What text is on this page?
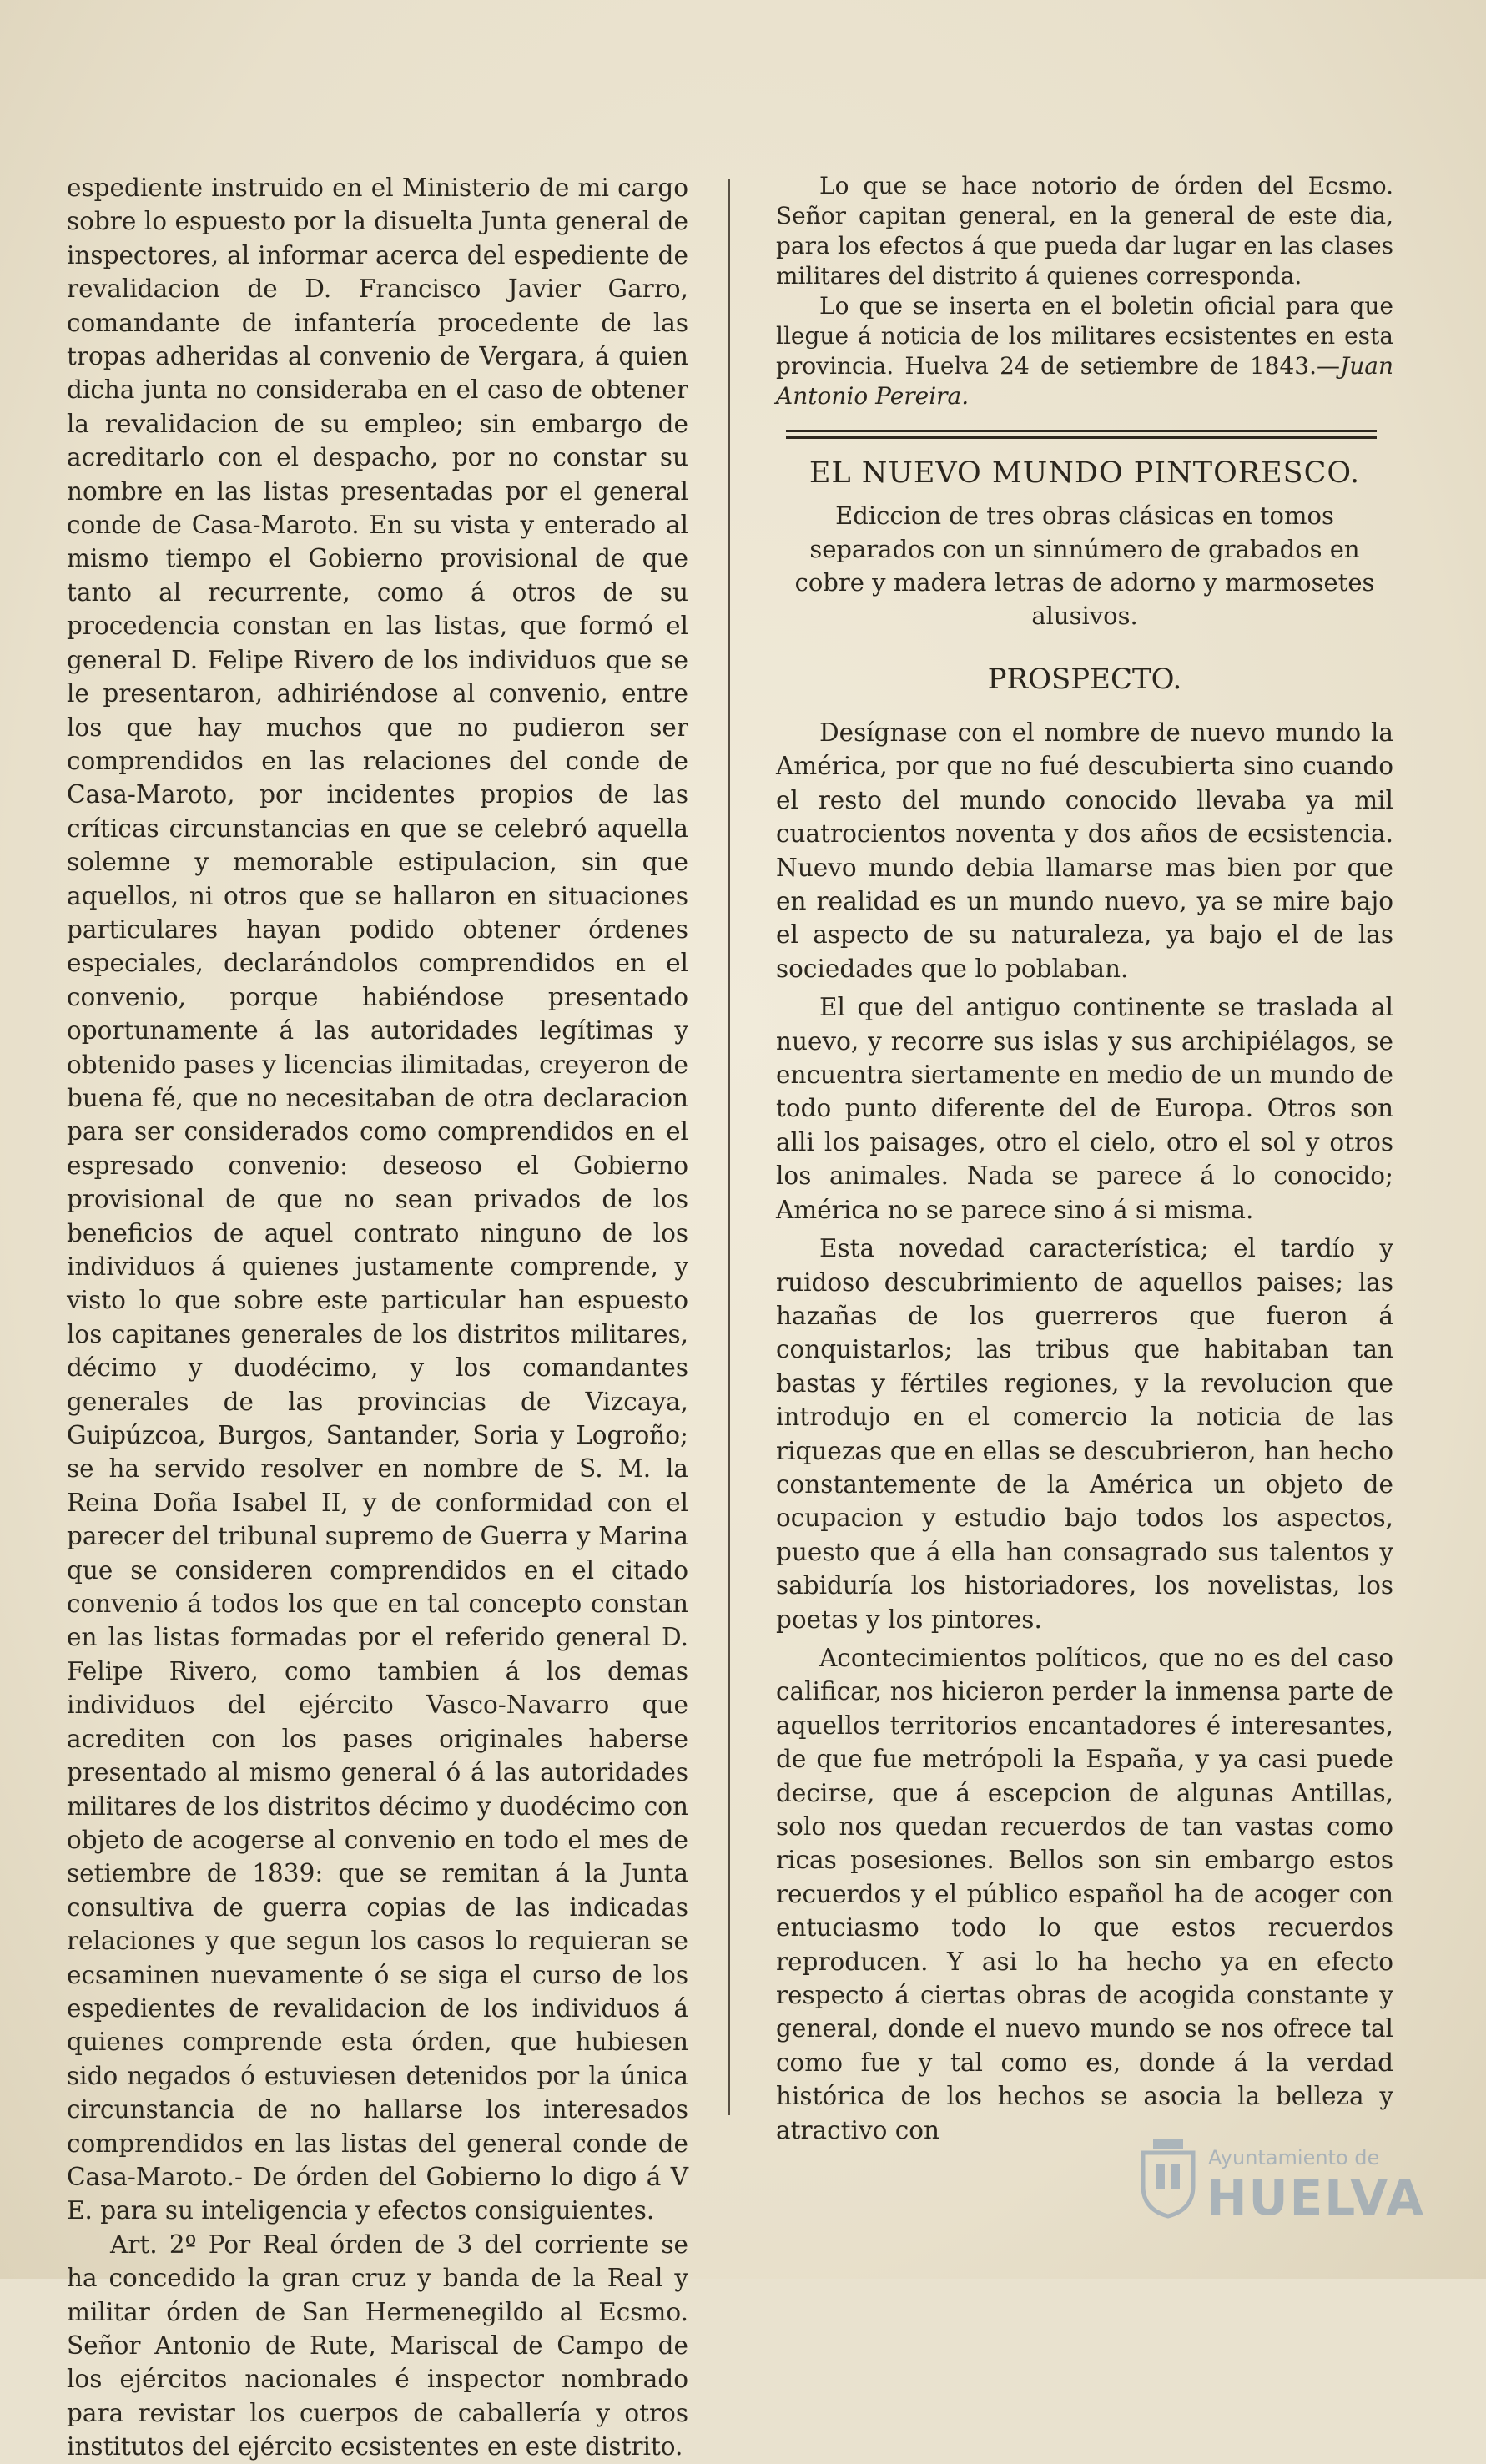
espediente instruido en el Ministerio de mi cargo sobre lo espuesto por la disuelta Junta general de inspectores, al informar acerca del espediente de revalidacion de D. Francisco Javier Garro, comandante de infantería procedente de las tropas adheridas al convenio de Vergara, á quien dicha junta no consideraba en el caso de obtener la revalidacion de su empleo; sin embargo de acreditarlo con el despacho, por no constar su nombre en las listas presentadas por el general conde de Casa-Maroto. En su vista y enterado al mismo tiempo el Gobierno provisional de que tanto al recurrente, como á otros de su procedencia constan en las listas, que formó el general D. Felipe Rivero de los individuos que se le presentaron, adhiriéndose al convenio, entre los que hay muchos que no pudieron ser comprendidos en las relaciones del conde de Casa-Maroto, por incidentes propios de las críticas circunstancias en que se celebró aquella solemne y memorable estipulacion, sin que aquellos, ni otros que se hallaron en situaciones particulares hayan podido obtener órdenes especiales, declarándolos comprendidos en el convenio, porque habiéndose presentado oportunamente á las autoridades legítimas y obtenido pases y licencias ilimitadas, creyeron de buena fé, que no necesitaban de otra declaracion para ser considerados como comprendidos en el espresado convenio: deseoso el Gobierno provisional de que no sean privados de los beneficios de aquel contrato ninguno de los individuos á quienes justamente comprende, y visto lo que sobre este particular han espuesto los capitanes generales de los distritos militares, décimo y duodécimo, y los comandantes generales de las provincias de Vizcaya, Guipúzcoa, Burgos, Santander, Soria y Logroño; se ha servido resolver en nombre de S. M. la Reina Doña Isabel II, y de conformidad con el parecer del tribunal supremo de Guerra y Marina que se consideren comprendidos en el citado convenio á todos los que en tal concepto constan en las listas formadas por el referido general D. Felipe Rivero, como tambien á los demas individuos del ejército Vasco-Navarro que acrediten con los pases originales haberse presentado al mismo general ó á las autoridades militares de los distritos décimo y duodécimo con objeto de acogerse al convenio en todo el mes de setiembre de 1839: que se remitan á la Junta consultiva de guerra copias de las indicadas relaciones y que segun los casos lo requieran se ecsaminen nuevamente ó se siga el curso de los espedientes de revalidacion de los individuos á quienes comprende esta órden, que hubiesen sido negados ó estuviesen detenidos por la única circunstancia de no hallarse los interesados comprendidos en las listas del general conde de Casa-Maroto.- De órden del Gobierno lo digo á V E. para su inteligencia y efectos consiguientes.

Art. 2º Por Real órden de 3 del corriente se ha concedido la gran cruz y banda de la Real y militar órden de San Hermenegildo al Ecsmo. Señor Antonio de Rute, Mariscal de Campo de los ejércitos nacionales é inspector nombrado para revistar los cuerpos de caballería y otros institutos del ejército ecsistentes en este distrito.

Lo que se hace notorio de órden del Ecsmo. Señor capitan general, en la general de este dia, para los efectos á que pueda dar lugar en las clases militares del distrito á quienes corresponda.

Lo que se inserta en el boletin oficial para que llegue á noticia de los militares ecsistentes en esta provincia. Huelva 24 de setiembre de 1843.—Juan Antonio Pereira.

EL NUEVO MUNDO PINTORESCO.

Ediccion de tres obras clásicas en tomos separados con un sinnúmero de grabados en cobre y madera letras de adorno y marmosetes alusivos.

PROSPECTO.

Desígnase con el nombre de nuevo mundo la América, por que no fué descubierta sino cuando el resto del mundo conocido llevaba ya mil cuatrocientos noventa y dos años de ecsistencia. Nuevo mundo debia llamarse mas bien por que en realidad es un mundo nuevo, ya se mire bajo el aspecto de su naturaleza, ya bajo el de las sociedades que lo poblaban.

El que del antiguo continente se traslada al nuevo, y recorre sus islas y sus archipiélagos, se encuentra siertamente en medio de un mundo de todo punto diferente del de Europa. Otros son alli los paisages, otro el cielo, otro el sol y otros los animales. Nada se parece á lo conocido; América no se parece sino á si misma.

Esta novedad característica; el tardío y ruidoso descubrimiento de aquellos paises; las hazañas de los guerreros que fueron á conquistarlos; las tribus que habitaban tan bastas y fértiles regiones, y la revolucion que introdujo en el comercio la noticia de las riquezas que en ellas se descubrieron, han hecho constantemente de la América un objeto de ocupacion y estudio bajo todos los aspectos, puesto que á ella han consagrado sus talentos y sabiduría los historiadores, los novelistas, los poetas y los pintores.

Acontecimientos políticos, que no es del caso calificar, nos hicieron perder la inmensa parte de aquellos territorios encantadores é interesantes, de que fue metrópoli la España, y ya casi puede decirse, que á escepcion de algunas Antillas, solo nos quedan recuerdos de tan vastas como ricas posesiones. Bellos son sin embargo estos recuerdos y el público español ha de acoger con entuciasmo todo lo que estos recuerdos reproducen. Y asi lo ha hecho ya en efecto respecto á ciertas obras de acogida constante y general, donde el nuevo mundo se nos ofrece tal como fue y tal como es, donde á la verdad histórica de los hechos se asocia la belleza y atractivo con

Ayuntamiento de
HUELVA
